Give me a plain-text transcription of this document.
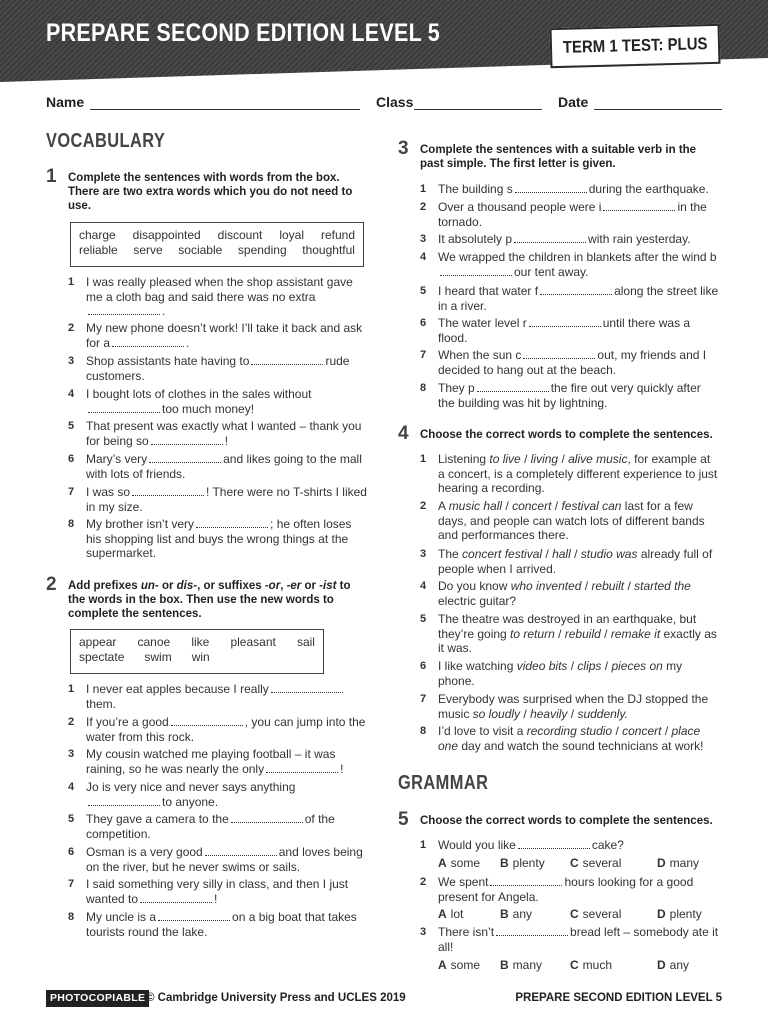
PREPARE SECOND EDITION LEVEL 5	TERM 1 TEST: PLUS
Name	Class	Date
VOCABULARY
1 Complete the sentences with words from the box. There are two extra words which you do not need to use.
charge disappointed discount loyal refund
reliable serve sociable spending thoughtful
1 I was really pleased when the shop assistant gave me a cloth bag and said there was no extra.
2 My new phone doesn’t work! I’ll take it back and ask for a	.
3 Shop assistants hate having to	rude customers.
4 I bought lots of clothes in the sales withouttoo much money!
5 That present was exactly what I wanted – thank you for being so	!
6 Mary’s very	and likes going to the mall with lots of friends.
7 I was so	! There were no T-shirts I liked in my size.
8 My brother isn’t very	; he often loses his shopping list and buys the wrong things at the supermarket.
2 Add prefixes un- or dis-, or suffixes -or, -er or -ist to the words in the box. Then use the new words to complete the sentences.
appear canoe like pleasant sail
spectate swim win
1 I never eat apples because I reallythem.
2 If you’re a good	, you can jump into the water from this rock.
3 My cousin watched me playing football – it was raining, so he was nearly the only	!
4 Jo is very nice and never says anythingto anyone.
5 They gave a camera to the	of the competition.
6 Osman is a very good	and loves being on the river, but he never swims or sails.
7 I said something very silly in class, and then I just wanted to	!
8 My uncle is a	on a big boat that takes tourists round the lake.
3 Complete the sentences with a suitable verb in the past simple. The first letter is given.
1 The building s	during the earthquake.
2 Over a thousand people were i	in the tornado.
3 It absolutely p	with rain yesterday.
4 We wrapped the children in blankets after the wind bour tent away.
5 I heard that water f	along the street like in a river.
6 The water level r	until there was a flood.
7 When the sun c	out, my friends and I decided to hang out at the beach.
8 They p	the fire out very quickly after the building was hit by lightning.
4 Choose the correct words to complete the sentences.
1 Listening to live / living / alive music, for example at a concert, is a completely different experience to just hearing a recording.
2 A music hall / concert / festival can last for a few days, and people can watch lots of different bands and performances there.
3 The concert festival / hall / studio was already full of people when I arrived.
4 Do you know who invented / rebuilt / started the electric guitar?
5 The theatre was destroyed in an earthquake, but they’re going to return / rebuild / remake it exactly as it was.
6 I like watching video bits / clips / pieces on my phone.
7 Everybody was surprised when the DJ stopped the music so loudly / heavily / suddenly.
8 I’d love to visit a recording studio / concert / place one day and watch the sound technicians at work!
GRAMMAR
5 Choose the correct words to complete the sentences.
1 Would you like	cake?
A some B plenty C several	D many
2 We spent	hours looking for a good present for Angela.
A lot	B any	C several	D plenty
3 There isn’t	bread left – somebody ate it all!
A some B many C much	D any
PHOTOCOPIABLE © Cambridge University Press and UCLES 2019	PREPARE SECOND EDITION LEVEL 5
